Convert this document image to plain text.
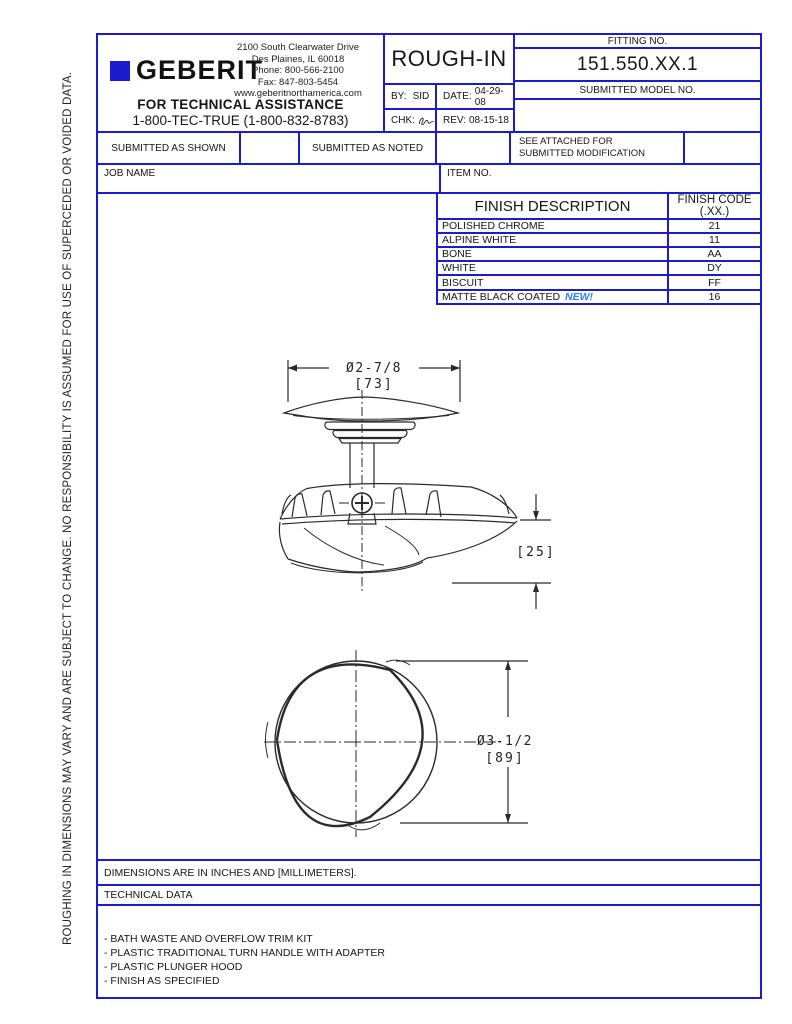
ROUGHING IN DIMENSIONS MAY VARY AND ARE SUBJECT TO CHANGE. NO RESPONSIBILITY IS ASSUMED FOR USE OF SUPERCEDED OR VOIDED DATA.
GEBERIT
2100 South Clearwater Drive
Des Plaines, IL 60018
Phone: 800-566-2100
Fax: 847-803-5454
www.geberitnorthamerica.com
FOR TECHNICAL ASSISTANCE
1-800-TEC-TRUE (1-800-832-8783)
ROUGH-IN
BY: SID DATE: 04-29-08
CHK:	REV: 08-15-18
FITTING NO.
151.550.XX.1
SUBMITTED MODEL NO.
SUBMITTED AS SHOWN	SUBMITTED AS NOTED
SEE ATTACHED FOR
SUBMITTED MODIFICATION
JOB NAME	ITEM NO.
Ø2-7/8
[73]
[25]
Ø3-1/2
[89]
FINISH DESCRIPTION	FINISH CODE
(.XX.)
POLISHED CHROME	21
ALPINE WHITE	11
BONE	AA
WHITE	DY
BISCUIT	FF
MATTE BLACK COATED NEW!	16
DIMENSIONS ARE IN INCHES AND [MILLIMETERS].
TECHNICAL DATA
- BATH WASTE AND OVERFLOW TRIM KIT
- PLASTIC TRADITIONAL TURN HANDLE WITH ADAPTER
- PLASTIC PLUNGER HOOD
- FINISH AS SPECIFIED
